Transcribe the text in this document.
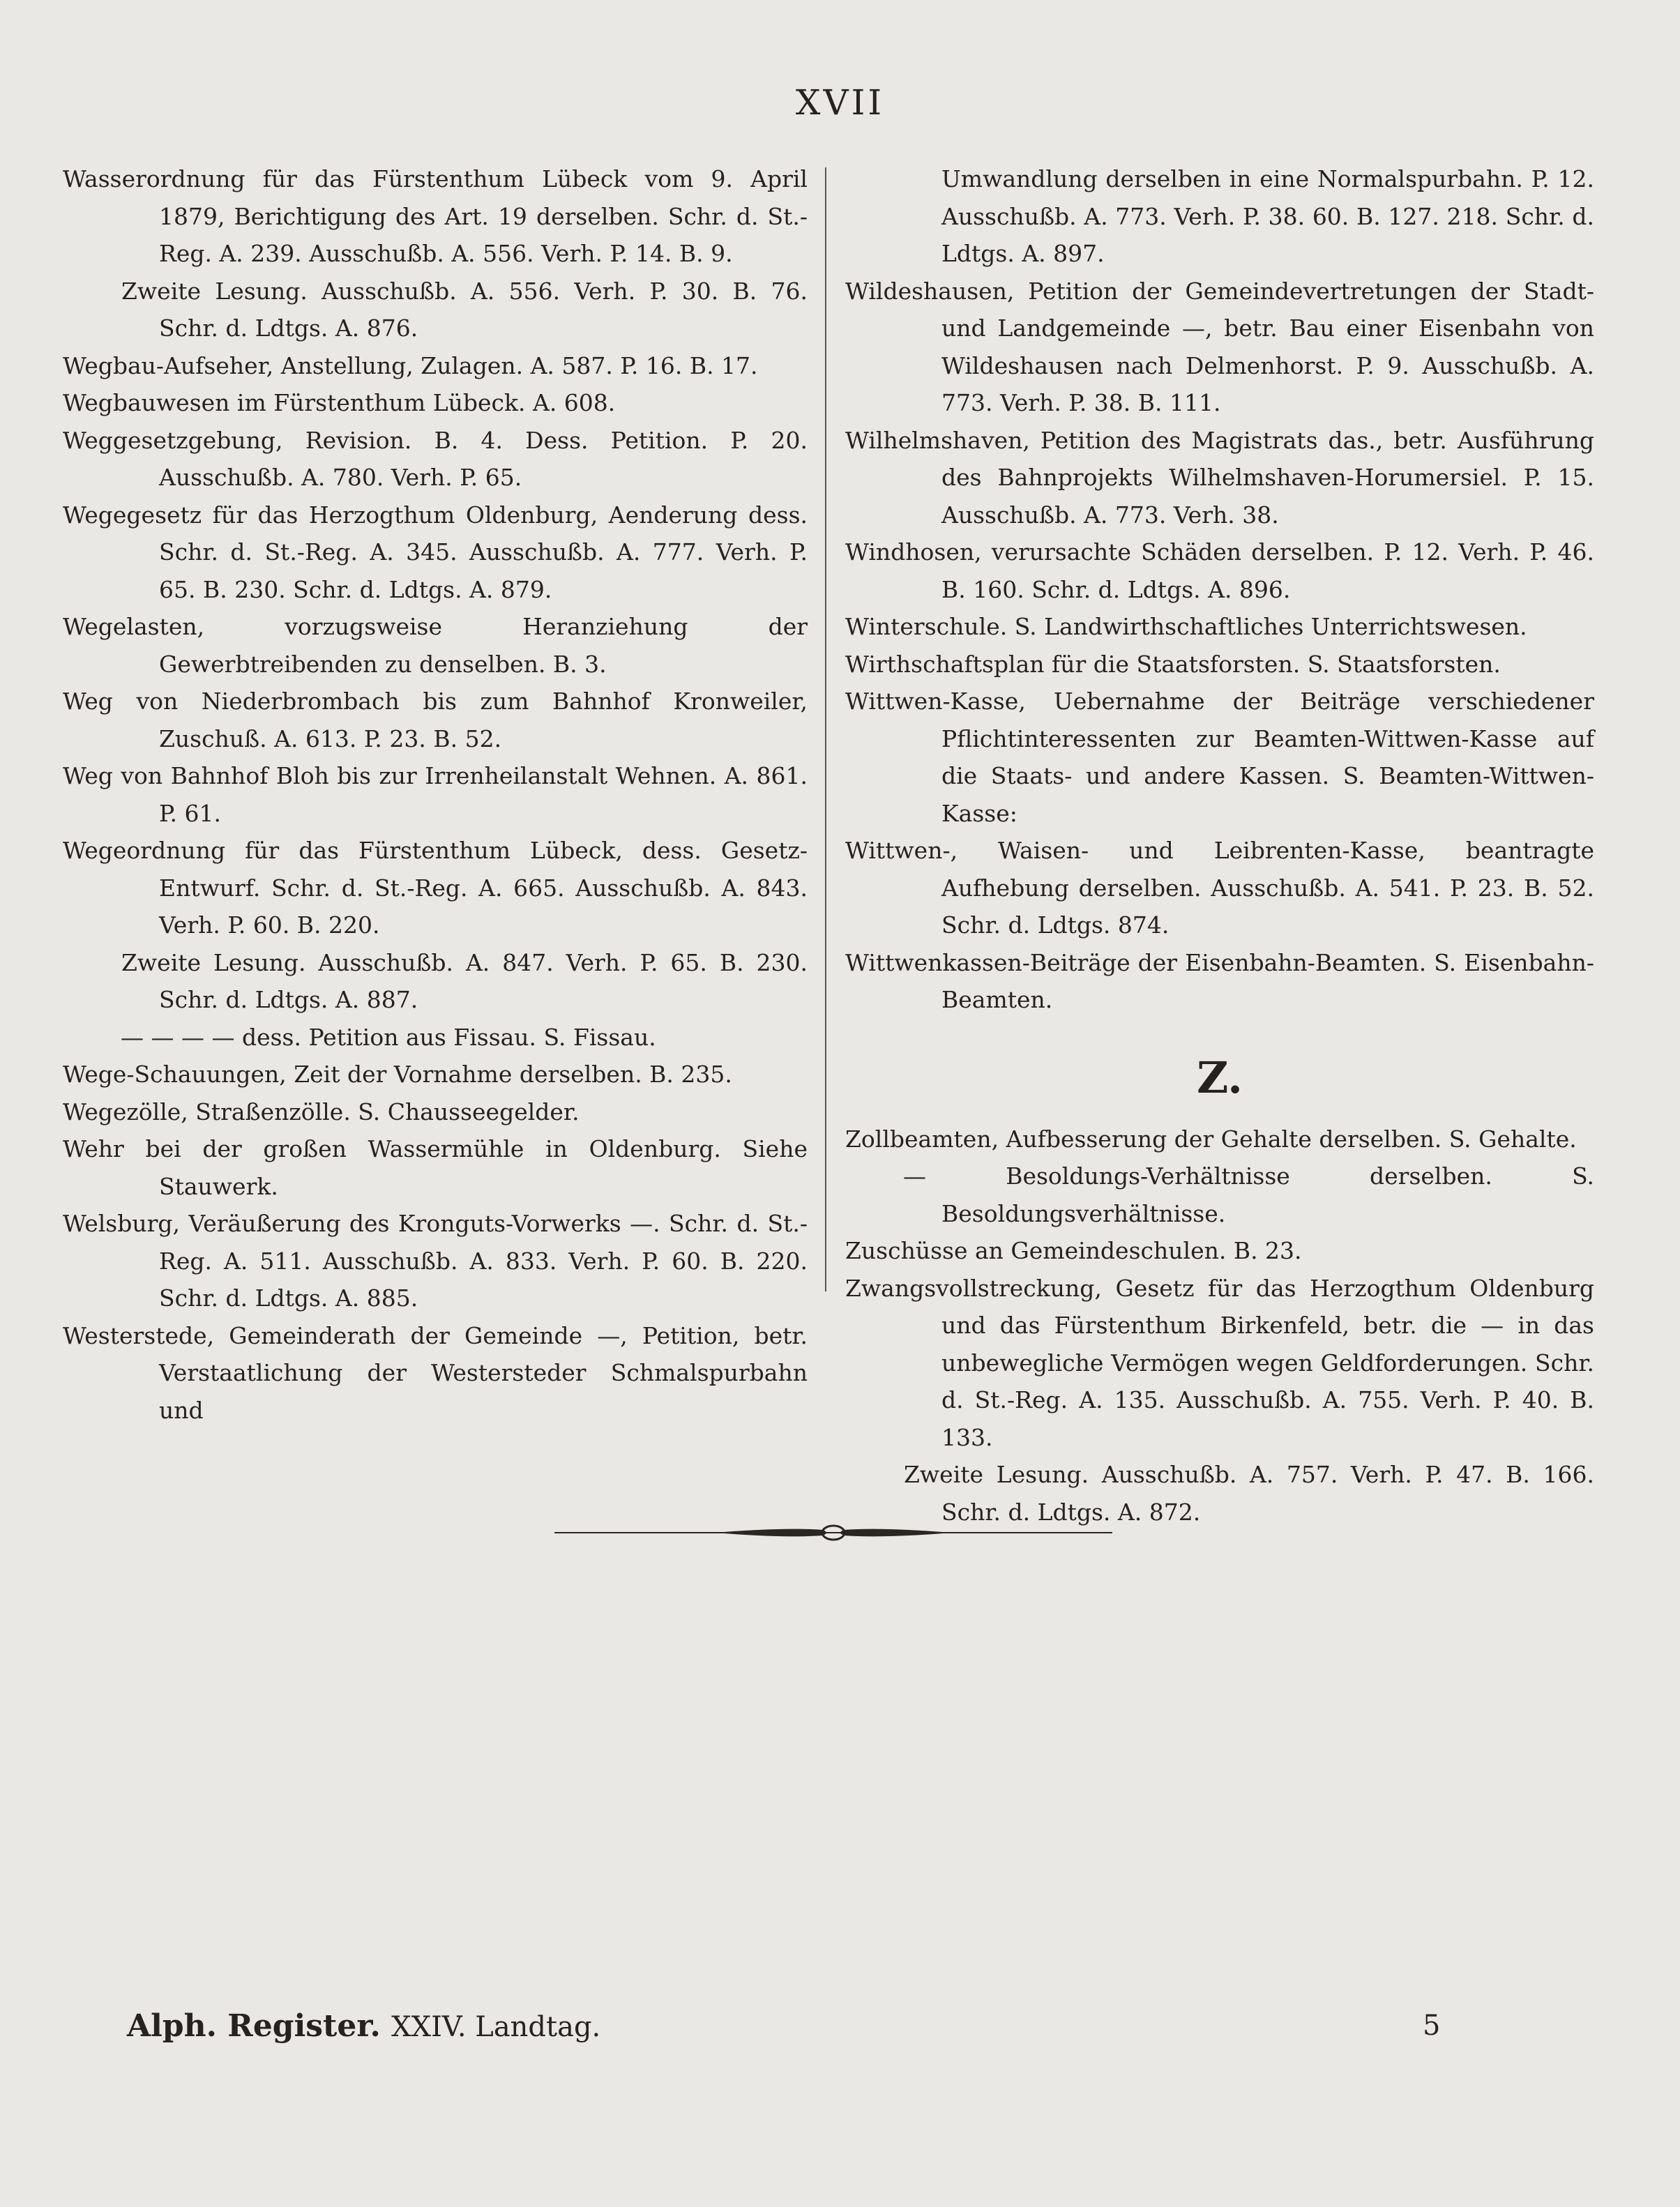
XVII

Wasserordnung für das Fürstenthum Lübeck vom 9. April 1879, Berichtigung des Art. 19 derselben. Schr. d. St.-Reg. A. 239. Ausschußb. A. 556. Verh. P. 14. B. 9.

Zweite Lesung. Ausschußb. A. 556. Verh. P. 30. B. 76. Schr. d. Ldtgs. A. 876.

Wegbau-Aufseher, Anstellung, Zulagen. A. 587. P. 16. B. 17.

Wegbauwesen im Fürstenthum Lübeck. A. 608.

Weggesetzgebung, Revision. B. 4. Dess. Petition. P. 20. Ausschußb. A. 780. Verh. P. 65.

Wegegesetz für das Herzogthum Oldenburg, Aenderung dess. Schr. d. St.-Reg. A. 345. Ausschußb. A. 777. Verh. P. 65. B. 230. Schr. d. Ldtgs. A. 879.

Wegelasten, vorzugsweise Heranziehung der Gewerbtreibenden zu denselben. B. 3.

Weg von Niederbrombach bis zum Bahnhof Kronweiler, Zuschuß. A. 613. P. 23. B. 52.

Weg von Bahnhof Bloh bis zur Irrenheilanstalt Wehnen. A. 861. P. 61.

Wegeordnung für das Fürstenthum Lübeck, dess. Gesetz-Entwurf. Schr. d. St.-Reg. A. 665. Ausschußb. A. 843. Verh. P. 60. B. 220.

Zweite Lesung. Ausschußb. A. 847. Verh. P. 65. B. 230. Schr. d. Ldtgs. A. 887.

— — — — dess. Petition aus Fissau. S. Fissau.

Wege-Schauungen, Zeit der Vornahme derselben. B. 235.

Wegezölle, Straßenzölle. S. Chausseegelder.

Wehr bei der großen Wassermühle in Oldenburg. Siehe Stauwerk.

Welsburg, Veräußerung des Kronguts-Vorwerks —. Schr. d. St.-Reg. A. 511. Ausschußb. A. 833. Verh. P. 60. B. 220. Schr. d. Ldtgs. A. 885.

Westerstede, Gemeinderath der Gemeinde —, Petition, betr. Verstaatlichung der Westersteder Schmalspurbahn und

Umwandlung derselben in eine Normalspurbahn. P. 12. Ausschußb. A. 773. Verh. P. 38. 60. B. 127. 218. Schr. d. Ldtgs. A. 897.

Wildeshausen, Petition der Gemeindevertretungen der Stadt- und Landgemeinde —, betr. Bau einer Eisenbahn von Wildeshausen nach Delmenhorst. P. 9. Ausschußb. A. 773. Verh. P. 38. B. 111.

Wilhelmshaven, Petition des Magistrats das., betr. Ausführung des Bahnprojekts Wilhelmshaven-Horumersiel. P. 15. Ausschußb. A. 773. Verh. 38.

Windhosen, verursachte Schäden derselben. P. 12. Verh. P. 46. B. 160. Schr. d. Ldtgs. A. 896.

Winterschule. S. Landwirthschaftliches Unterrichtswesen.

Wirthschaftsplan für die Staatsforsten. S. Staatsforsten.

Wittwen-Kasse, Uebernahme der Beiträge verschiedener Pflichtinteressenten zur Beamten-Wittwen-Kasse auf die Staats- und andere Kassen. S. Beamten-Wittwen-Kasse:

Wittwen-, Waisen- und Leibrenten-Kasse, beantragte Aufhebung derselben. Ausschußb. A. 541. P. 23. B. 52. Schr. d. Ldtgs. 874.

Wittwenkassen-Beiträge der Eisenbahn-Beamten. S. Eisenbahn-Beamten.

Z.

Zollbeamten, Aufbesserung der Gehalte derselben. S. Gehalte.

— Besoldungs-Verhältnisse derselben. S. Besoldungsverhältnisse.

Zuschüsse an Gemeindeschulen. B. 23.

Zwangsvollstreckung, Gesetz für das Herzogthum Oldenburg und das Fürstenthum Birkenfeld, betr. die — in das unbewegliche Vermögen wegen Geldforderungen. Schr. d. St.-Reg. A. 135. Ausschußb. A. 755. Verh. P. 40. B. 133.

Zweite Lesung. Ausschußb. A. 757. Verh. P. 47. B. 166. Schr. d. Ldtgs. A. 872.

Alph. Register. XXIV. Landtag.	5
